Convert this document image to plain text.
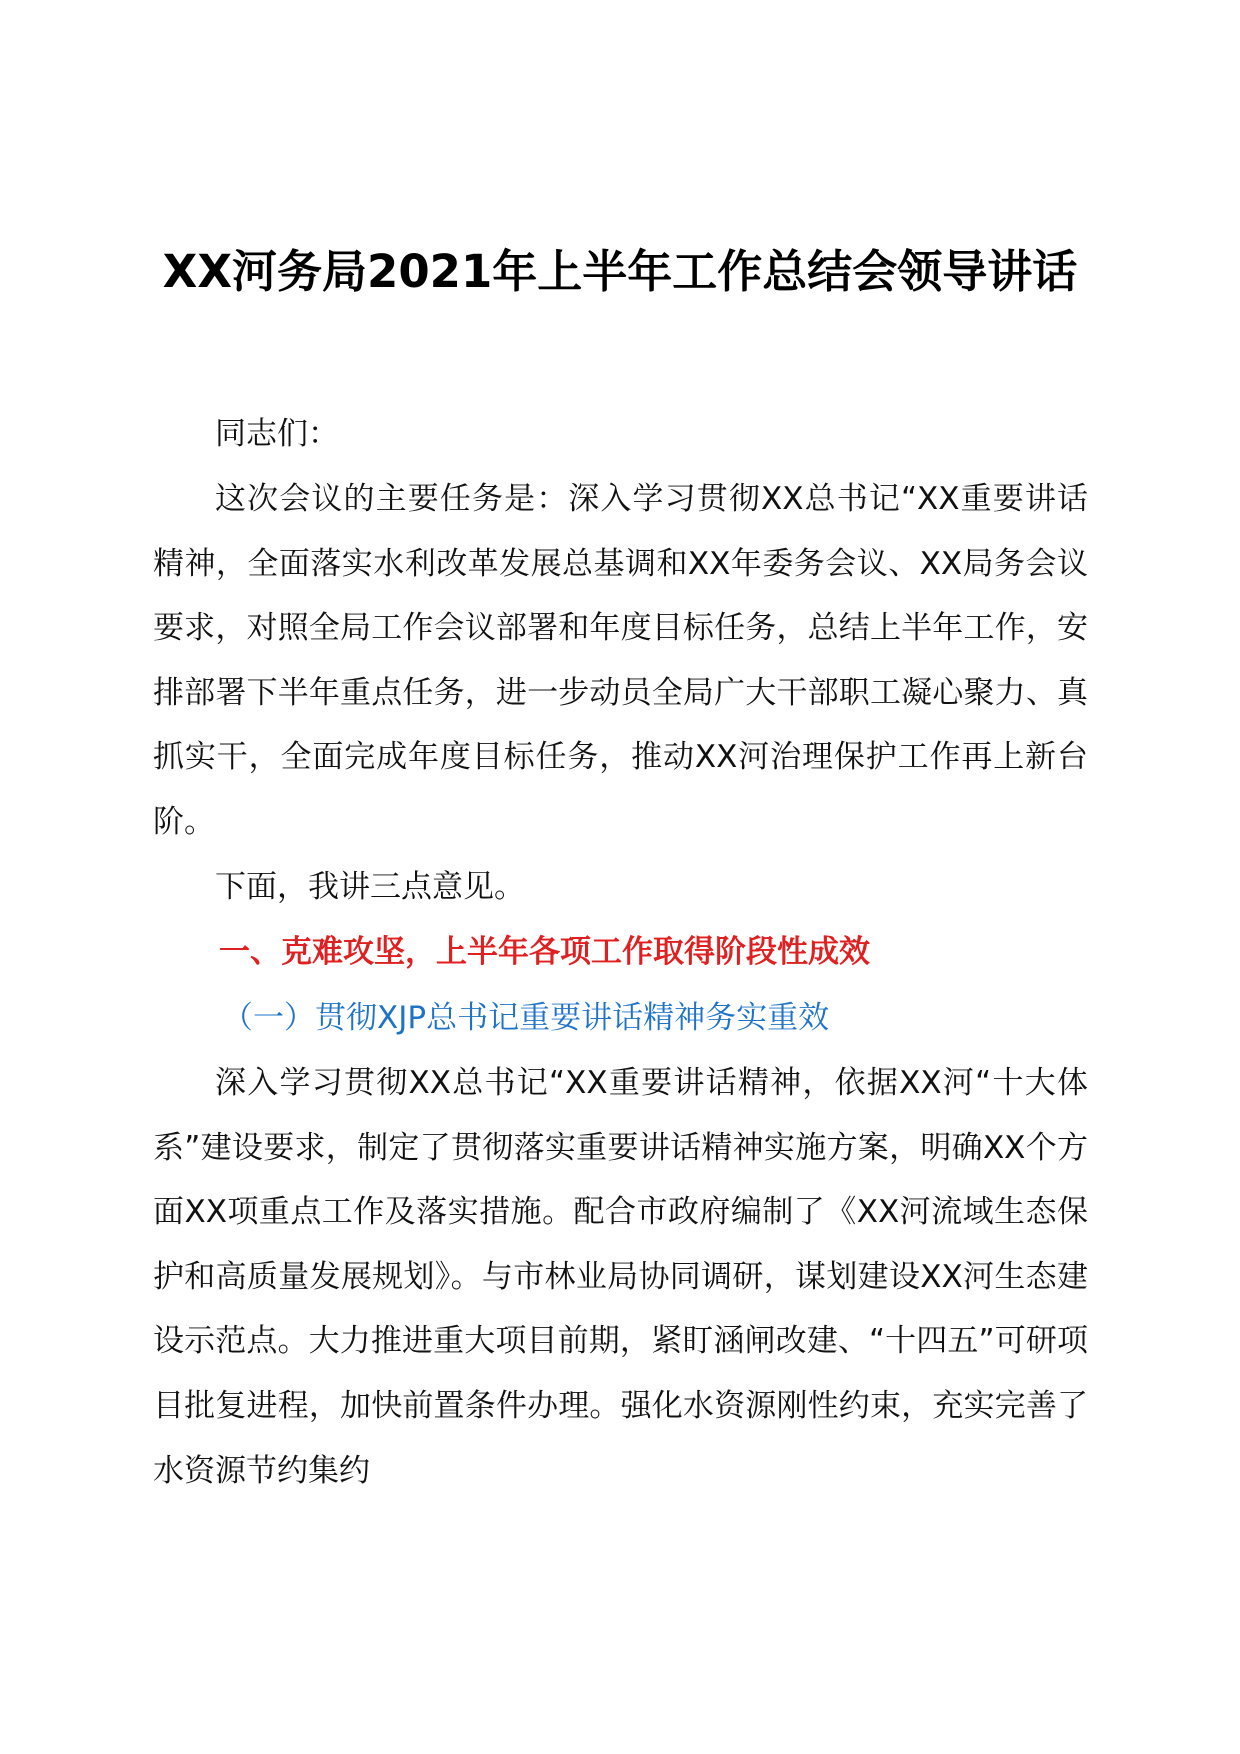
XX河务局2021年上半年工作总结会领导讲话
同志们：
这次会议的主要任务是：深入学习贯彻XX总书记“XX重要讲话精神，全面落实水利改革发展总基调和XX年委务会议、XX局务会议要求，对照全局工作会议部署和年度目标任务，总结上半年工作，安排部署下半年重点任务，进一步动员全局广大干部职工凝心聚力、真抓实干，全面完成年度目标任务，推动XX河治理保护工作再上新台阶。
下面，我讲三点意见。
一、克难攻坚，上半年各项工作取得阶段性成效
（一）贯彻XJP总书记重要讲话精神务实重效
深入学习贯彻XX总书记“XX重要讲话精神，依据XX河“十大体系”建设要求，制定了贯彻落实重要讲话精神实施方案，明确XX个方面XX项重点工作及落实措施。配合市政府编制了《XX河流域生态保护和高质量发展规划》。与市林业局协同调研，谋划建设XX河生态建设示范点。大力推进重大项目前期，紧盯涵闸改建、“十四五”可研项目批复进程，加快前置条件办理。强化水资源刚性约束，充实完善了水资源节约集约
